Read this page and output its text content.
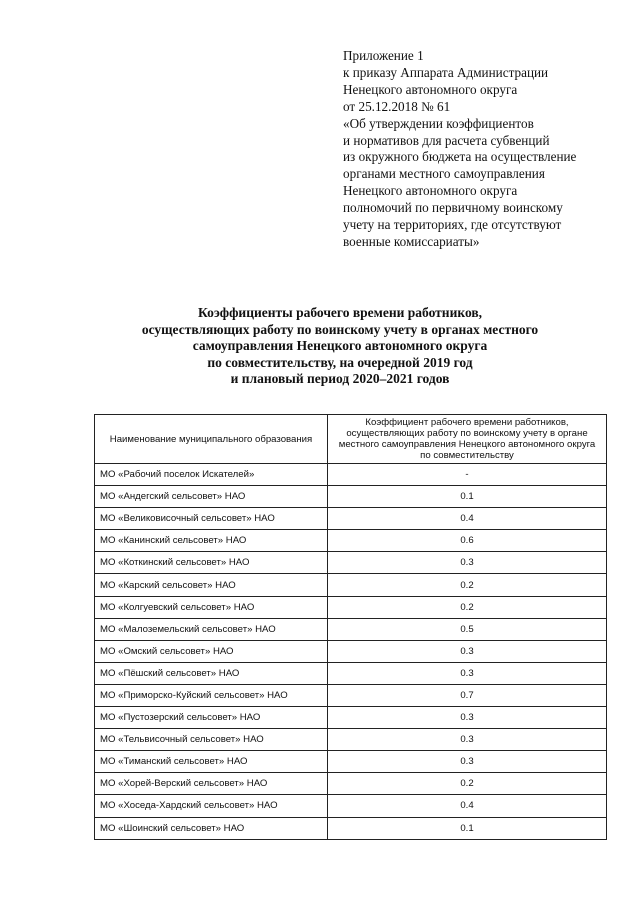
Приложение 1
к приказу Аппарата Администрации
Ненецкого автономного округа
от 25.12.2018 № 61
«Об утверждении коэффициентов
и нормативов для расчета субвенций
из окружного бюджета на осуществление
органами местного самоуправления
Ненецкого автономного округа
полномочий по первичному воинскому
учету на территориях, где отсутствуют
военные комиссариаты»
Коэффициенты рабочего времени работников,
осуществляющих работу по воинскому учету в органах местного
самоуправления Ненецкого автономного округа
по совместительству, на очередной 2019 год
и плановый период 2020–2021 годов
Наименование муниципального образования	Коэффициент рабочего времени работников, осуществляющих работу по воинскому учету в органе местного самоуправления Ненецкого автономного округа по совместительству
МО «Рабочий поселок Искателей»	-
МО «Андегский сельсовет» НАО	0.1
МО «Великовисочный сельсовет» НАО	0.4
МО «Канинский сельсовет» НАО	0.6
МО «Коткинский сельсовет» НАО	0.3
МО «Карский сельсовет» НАО	0.2
МО «Колгуевский сельсовет» НАО	0.2
МО «Малоземельский сельсовет» НАО	0.5
МО «Омский сельсовет» НАО	0.3
МО «Пёшский сельсовет» НАО	0.3
МО «Приморско-Куйский сельсовет» НАО	0.7
МО «Пустозерский сельсовет» НАО	0.3
МО «Тельвисочный сельсовет» НАО	0.3
МО «Тиманский сельсовет» НАО	0.3
МО «Хорей-Верский сельсовет» НАО	0.2
МО «Хоседа-Хардский сельсовет» НАО	0.4
МО «Шоинский сельсовет» НАО	0.1
